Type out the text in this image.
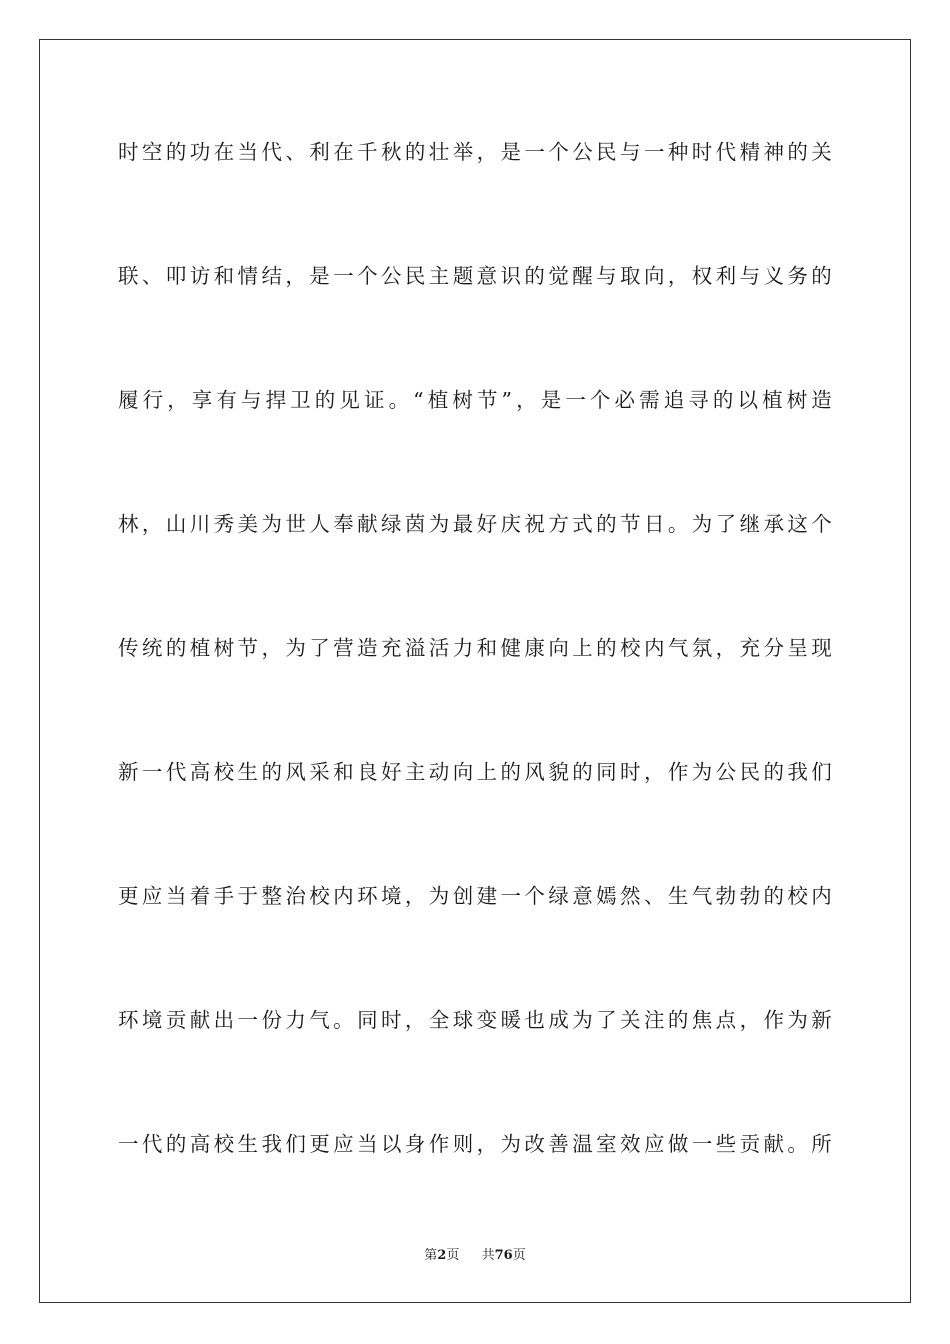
时空的功在当代、利在千秋的壮举，是一个公民与一种时代精神的关
联、叩访和情结，是一个公民主题意识的觉醒与取向，权利与义务的
履行，享有与捍卫的见证。“植树节”，是一个必需追寻的以植树造
林，山川秀美为世人奉献绿茵为最好庆祝方式的节日。为了继承这个
传统的植树节，为了营造充溢活力和健康向上的校内气氛，充分呈现
新一代高校生的风采和良好主动向上的风貌的同时，作为公民的我们
更应当着手于整治校内环境，为创建一个绿意嫣然、生气勃勃的校内
环境贡献出一份力气。同时，全球变暖也成为了关注的焦点，作为新
一代的高校生我们更应当以身作则，为改善温室效应做一些贡献。所
第2页 共76页
